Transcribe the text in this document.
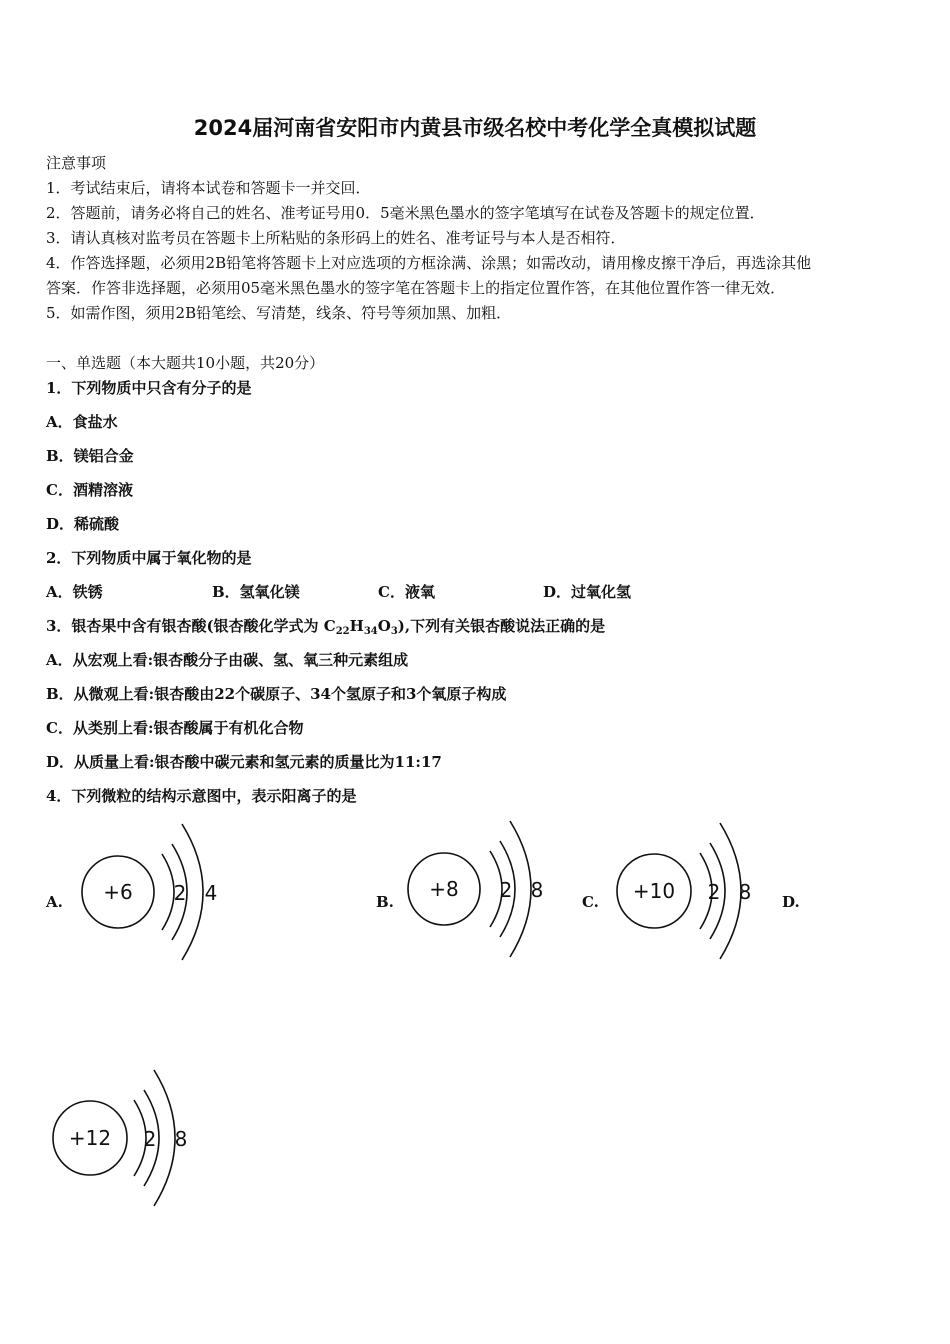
2024届河南省安阳市内黄县市级名校中考化学全真模拟试题
注意事项
1．考试结束后，请将本试卷和答题卡一并交回．
2．答题前，请务必将自己的姓名、准考证号用0．5毫米黑色墨水的签字笔填写在试卷及答题卡的规定位置．
3．请认真核对监考员在答题卡上所粘贴的条形码上的姓名、准考证号与本人是否相符．
4．作答选择题，必须用2B铅笔将答题卡上对应选项的方框涂满、涂黑；如需改动，请用橡皮擦干净后，再选涂其他
答案．作答非选择题，必须用05毫米黑色墨水的签字笔在答题卡上的指定位置作答，在其他位置作答一律无效．
5．如需作图，须用2B铅笔绘、写清楚，线条、符号等须加黑、加粗．
一、单选题（本大题共10小题，共20分）
1．下列物质中只含有分子的是
A．食盐水
B．镁铝合金
C．酒精溶液
D．稀硫酸
2．下列物质中属于氧化物的是
A．铁锈	B．氢氧化镁	C．液氧	D．过氧化氢
3．银杏果中含有银杏酸(银杏酸化学式为 $C_{22}H_{34}O_3$),下列有关银杏酸说法正确的是
A．从宏观上看:银杏酸分子由碳、氢、氧三种元素组成
B．从微观上看:银杏酸由22个碳原子、34个氢原子和3个氧原子构成
C．从类别上看:银杏酸属于有机化合物
D．从质量上看:银杏酸中碳元素和氢元素的质量比为11:17
4．下列微粒的结构示意图中，表示阳离子的是
A.	B.	C.	D.
+6 2 4	+8 2 8	+10 2 8
+12 2 8
